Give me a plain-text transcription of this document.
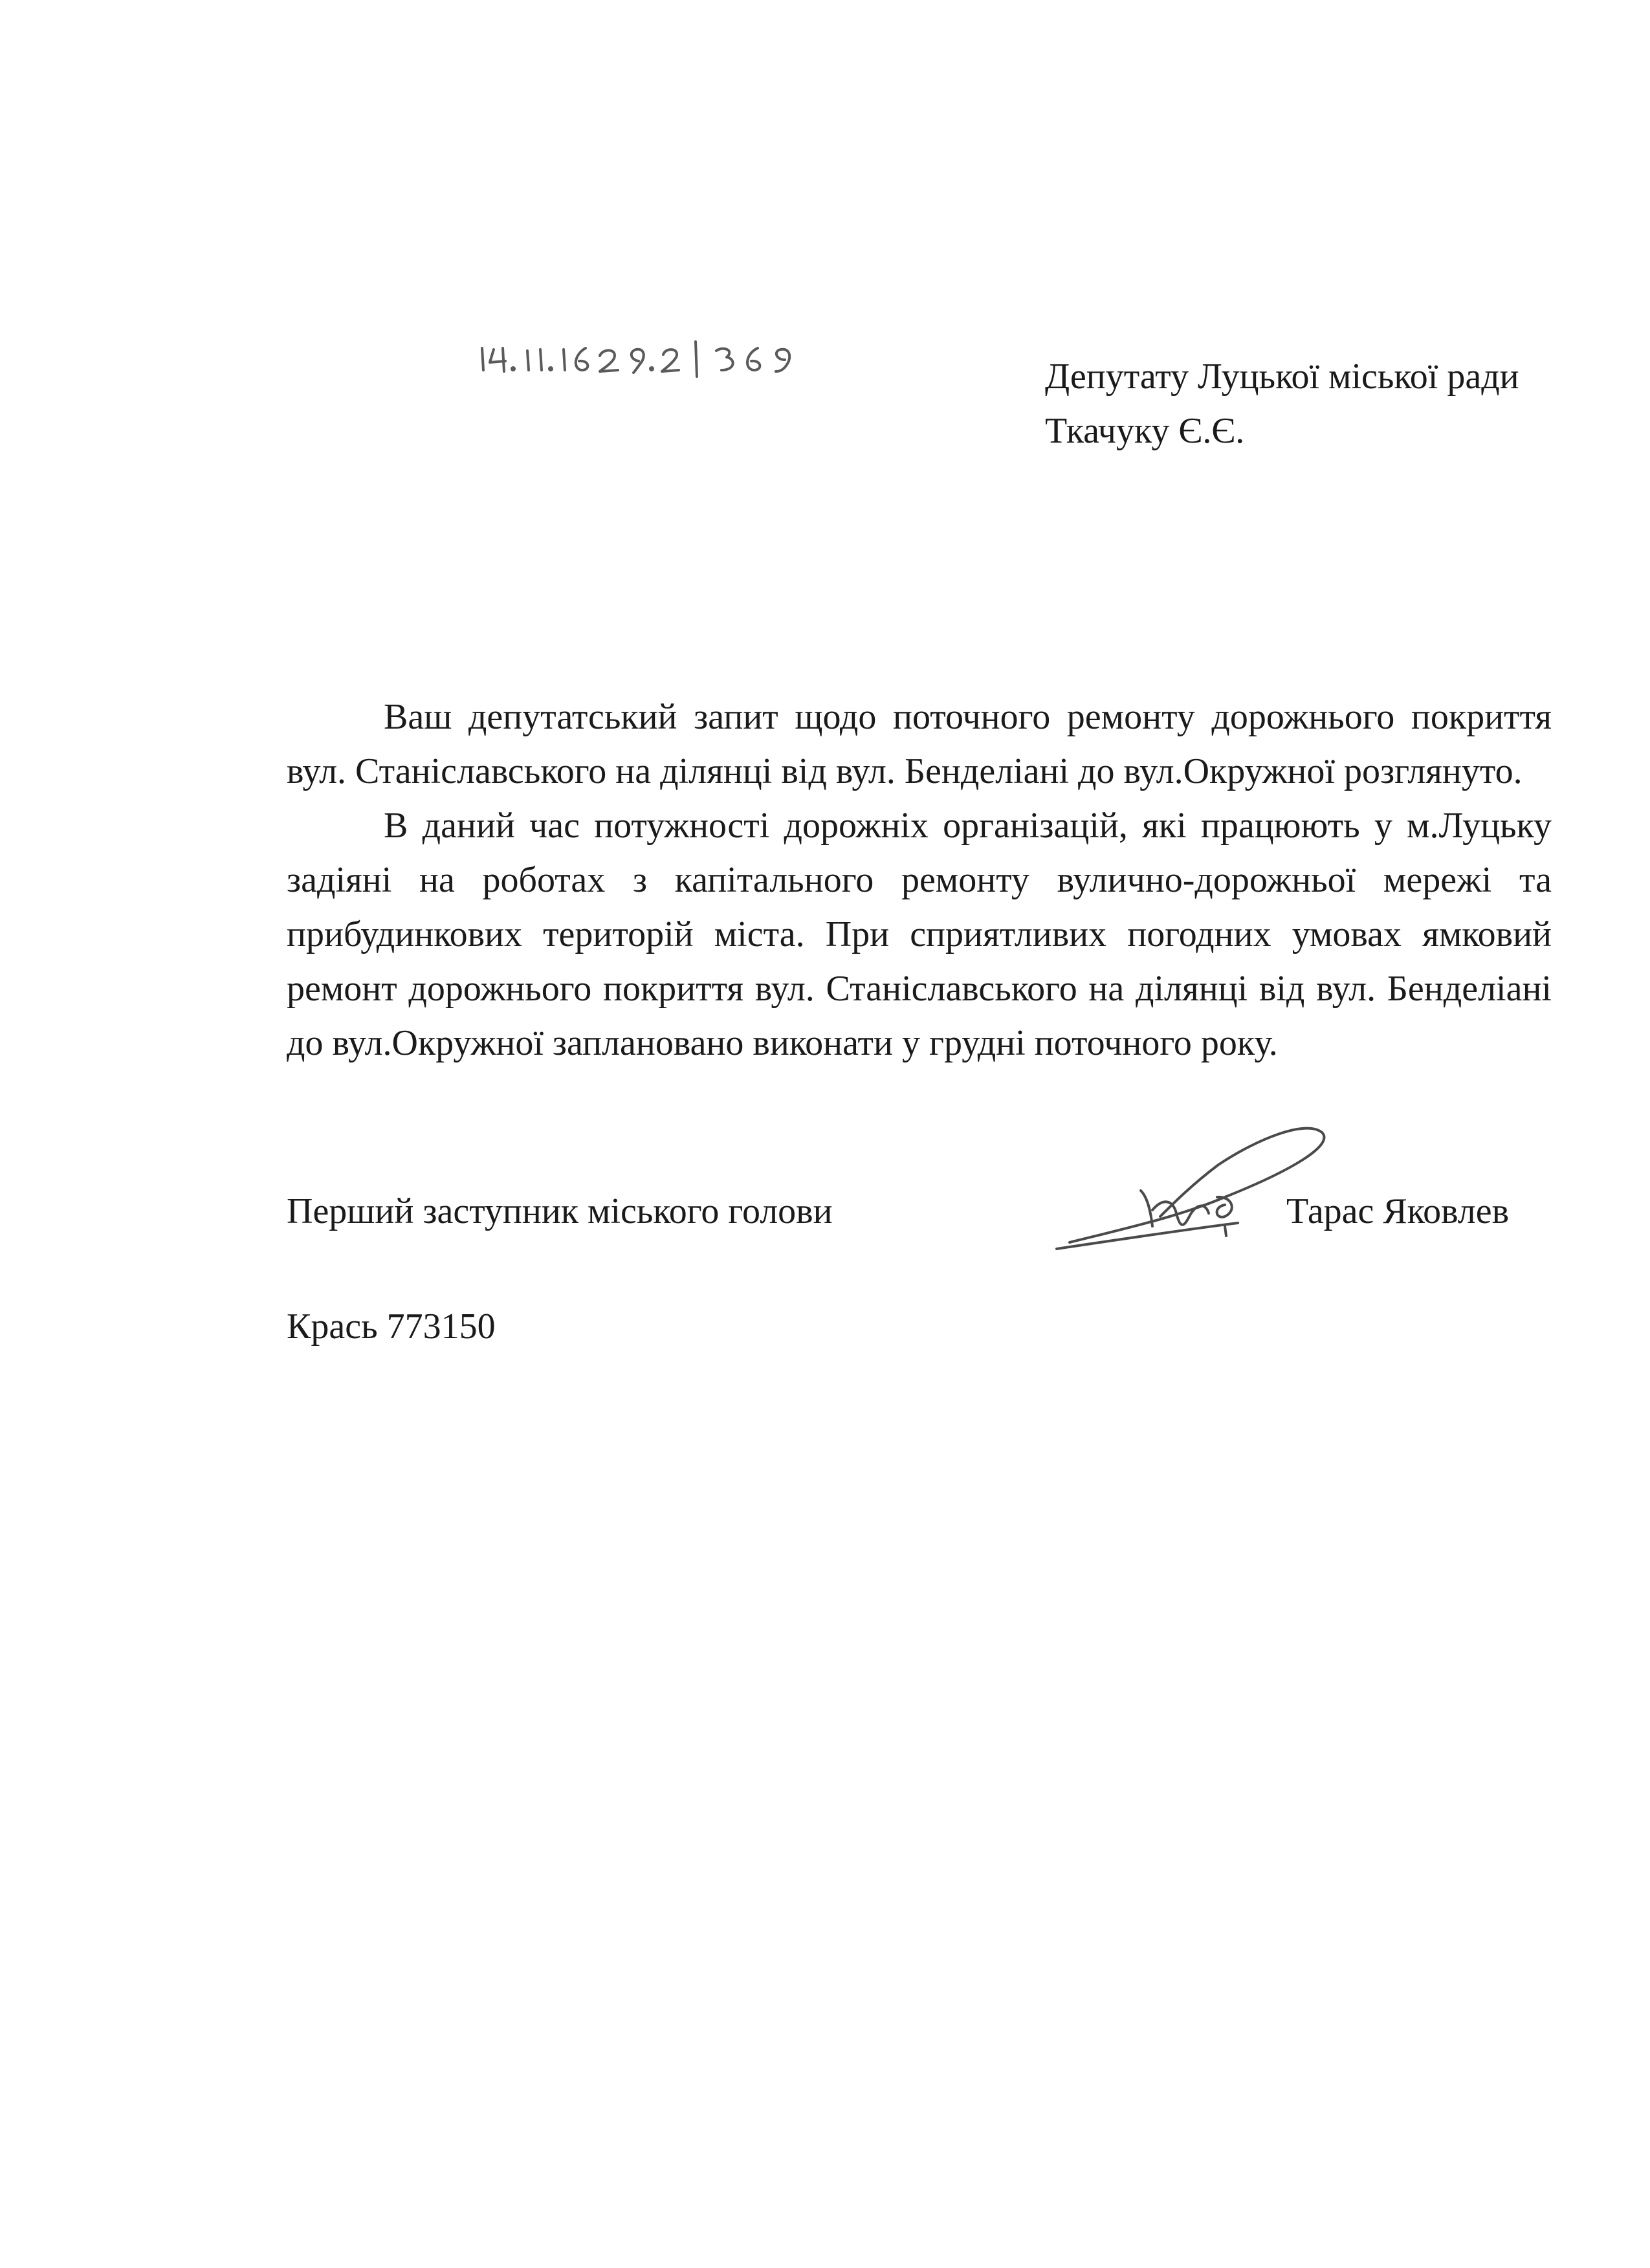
Депутату Луцької міської ради
Ткачуку Є.Є.

Ваш депутатський запит щодо поточного ремонту дорожнього покриття вул. Станіславського на ділянці від вул. Бенделіані до вул.Окружної розглянуто.

В даний час потужності дорожніх організацій, які працюють у м.Луцьку задіяні на роботах з капітального ремонту вулично-дорожньої мережі та прибудинкових територій міста. При сприятливих погодних умовах ямковий ремонт дорожнього покриття вул. Станіславського на ділянці від вул. Бенделіані до вул.Окружної заплановано виконати у грудні поточного року.

Перший заступник міського голови	Тарас Яковлев
Крась 773150
